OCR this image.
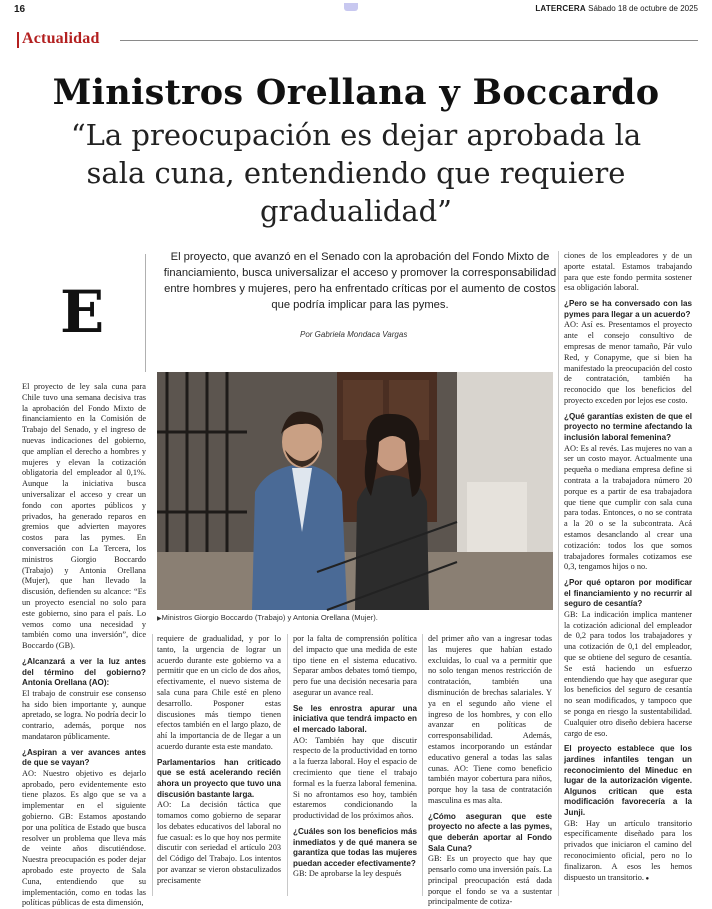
16	LATERCERA Sábado 18 de octubre de 2025
Actualidad
Ministros Orellana y Boccardo
“La preocupación es dejar aprobada la sala cuna, entendiendo que requiere gradualidad”
E
El proyecto, que avanzó en el Senado con la aprobación del Fondo Mixto de financiamiento, busca universalizar el acceso y promover la corresponsabilidad entre hombres y mujeres, pero ha enfrentado críticas por el aumento de costos que podría implicar para las pymes.
Por Gabriela Mondaca Vargas
▶ Ministros Giorgio Boccardo (Trabajo) y Antonia Orellana (Mujer).

El proyecto de ley sala cuna para Chile tuvo una semana decisiva tras la aprobación del Fondo Mixto de financiamiento en la Comisión de Trabajo del Senado, y el ingreso de nuevas indicaciones del gobierno, que amplían el derecho a hombres y mujeres y elevan la cotización obligatoria del empleador al 0,1%. Aunque la iniciativa busca universalizar el acceso y crear un fondo con aportes públicos y privados, ha generado reparos en gremios que advierten mayores costos para las pymes. En conversación con La Tercera, los ministros Giorgio Boccardo (Trabajo) y Antonia Orellana (Mujer), que han llevado la discusión, defienden su alcance: “Es un proyecto esencial no solo para este gobierno, sino para el país. Lo vemos como una necesidad y también como una inversión”, dice Boccardo (GB).

¿Alcanzará a ver la luz antes del término del gobierno? Antonia Orellana (AO):

El trabajo de construir ese consenso ha sido bien importante y, aunque apretado, se logra. No podría decir lo contrario, además, porque nos mandataron públicamente.

¿Aspiran a ver avances antes de que se vayan?

AO: Nuestro objetivo es dejarlo aprobado, pero evidentemente esto tiene plazos. Es algo que se va a implementar en el siguiente gobierno. GB: Estamos apostando por una política de Estado que busca resolver un problema que lleva más de veinte años discutiéndose. Nuestra preocupación es poder dejar aprobado este proyecto de Sala Cuna, entendiendo que su implementación, como en todas las políticas públicas de esta dimensión,

requiere de gradualidad, y por lo tanto, la urgencia de lograr un acuerdo durante este gobierno va a permitir que en un ciclo de dos años, efectivamente, el nuevo sistema de sala cuna para Chile esté en pleno desarrollo. Posponer estas discusiones más tiempo tienen efectos también en el largo plazo, de ahí la importancia de de llegar a un acuerdo durante esta este mandato.

Parlamentarios han criticado que se está acelerando recién ahora un proyecto que tuvo una discusión bastante larga.

AO: La decisión táctica que tomamos como gobierno de separar los debates educativos del laboral no fue casual: es lo que hoy nos permite discutir con seriedad el artículo 203 del Código del Trabajo. Los intentos por avanzar se vieron obstaculizados precisamente

por la falta de comprensión política del impacto que una medida de este tipo tiene en el sistema educativo. Separar ambos debates tomó tiempo, pero fue una decisión necesaria para asegurar un avance real.

Se les enrostra apurar una iniciativa que tendrá impacto en el mercado laboral.

AO: También hay que discutir respecto de la productividad en torno a la fuerza laboral. Hoy el espacio de crecimiento que tiene el trabajo formal es la fuerza laboral femenina. Si no afrontamos eso hoy, también estaremos condicionando la productividad de los próximos años.

¿Cuáles son los beneficios más inmediatos y de qué manera se garantiza que todas las mujeres puedan acceder efectivamente?

GB: De aprobarse la ley después

del primer año van a ingresar todas las mujeres que habían estado excluidas, lo cual va a permitir que no solo tengan menos restricción de contratación, también una disminución de brechas salariales. Y ya en el segundo año viene el ingreso de los hombres, y con ello avanzar en políticas de corresponsabilidad. Además, estamos incorporando un estándar educativo general a todas las salas cunas. AO: Tiene como beneficio también mayor cobertura para niños, porque hoy la tasa de contratación masculina es mas alta.

¿Cómo aseguran que este proyecto no afecte a las pymes, que deberán aportar al Fondo Sala Cuna?

GB: Es un proyecto que hay que pensarlo como una inversión país. La principal preocupación está dada porque el fondo se va a sustentar principalmente de cotiza-

ciones de los empleadores y de un aporte estatal. Estamos trabajando para que este fondo permita sostener esa obligación laboral.

¿Pero se ha conversado con las pymes para llegar a un acuerdo?

AO: Así es. Presentamos el proyecto ante el consejo consultivo de empresas de menor tamaño, Pár vulo Red, y Conapyme, que si bien ha manifestado la preocupación del costo de contratación, también ha reconocido que los beneficios del proyecto exceden por lejos ese costo.

¿Qué garantías existen de que el proyecto no termine afectando la inclusión laboral femenina?

AO: Es al revés. Las mujeres no van a ser un costo mayor. Actualmente una pequeña o mediana empresa define si contrata a la trabajadora número 20 porque es a partir de esa trabajadora que tiene que cumplir con sala cuna para todas. Entonces, o no se contrata a la 20 o se la subcontrata. Acá estamos desanclando al crear una cotización: todos los que somos trabajadores formales cotizamos ese 0,3, tengamos hijos o no.

¿Por qué optaron por modificar el financiamiento y no recurrir al seguro de cesantía?

GB: La indicación implica mantener la cotización adicional del empleador de 0,2 para todos los trabajadores y una cotización de 0,1 del empleador, que se obtiene del seguro de cesantía. Se está haciendo un esfuerzo entendiendo que hay que asegurar que los beneficios del seguro de cesantía no sean modificados, y tampoco que se ponga en riesgo la sustentabilidad. Cualquier otro diseño debiera hacerse cargo de eso.

El proyecto establece que los jardines infantiles tengan un reconocimiento del Mineduc en lugar de la autorización vigente. Algunos critican que esta modificación favorecería a la Junji.

GB: Hay un artículo transitorio específicamente diseñado para los privados que iniciaron el camino del reconocimiento oficial, pero no lo finalizaron. A esos les hemos dispuesto un transitorio. ●
